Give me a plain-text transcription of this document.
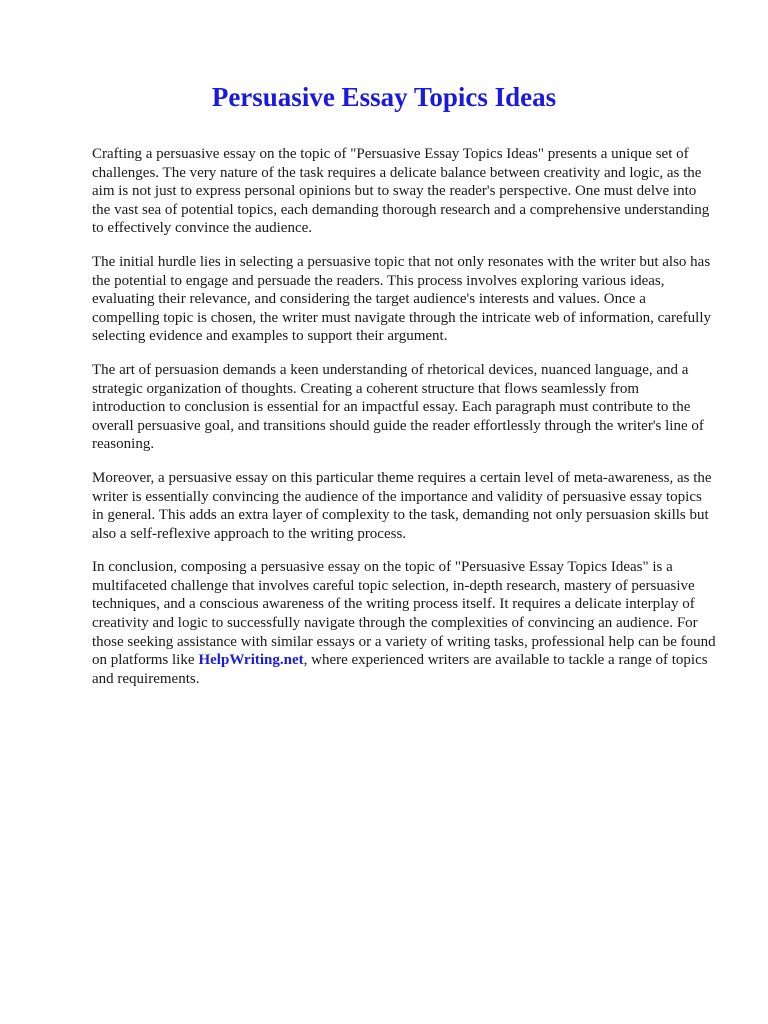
Persuasive Essay Topics Ideas

Crafting a persuasive essay on the topic of "Persuasive Essay Topics Ideas" presents a unique set of challenges. The very nature of the task requires a delicate balance between creativity and logic, as the aim is not just to express personal opinions but to sway the reader's perspective. One must delve into the vast sea of potential topics, each demanding thorough research and a comprehensive understanding to effectively convince the audience.

The initial hurdle lies in selecting a persuasive topic that not only resonates with the writer but also has the potential to engage and persuade the readers. This process involves exploring various ideas, evaluating their relevance, and considering the target audience's interests and values. Once a compelling topic is chosen, the writer must navigate through the intricate web of information, carefully selecting evidence and examples to support their argument.

The art of persuasion demands a keen understanding of rhetorical devices, nuanced language, and a strategic organization of thoughts. Creating a coherent structure that flows seamlessly from introduction to conclusion is essential for an impactful essay. Each paragraph must contribute to the overall persuasive goal, and transitions should guide the reader effortlessly through the writer's line of reasoning.

Moreover, a persuasive essay on this particular theme requires a certain level of meta-awareness, as the writer is essentially convincing the audience of the importance and validity of persuasive essay topics in general. This adds an extra layer of complexity to the task, demanding not only persuasion skills but also a self-reflexive approach to the writing process.

In conclusion, composing a persuasive essay on the topic of "Persuasive Essay Topics Ideas" is a multifaceted challenge that involves careful topic selection, in-depth research, mastery of persuasive techniques, and a conscious awareness of the writing process itself. It requires a delicate interplay of creativity and logic to successfully navigate through the complexities of convincing an audience. For those seeking assistance with similar essays or a variety of writing tasks, professional help can be found on platforms like HelpWriting.net, where experienced writers are available to tackle a range of topics and requirements.
